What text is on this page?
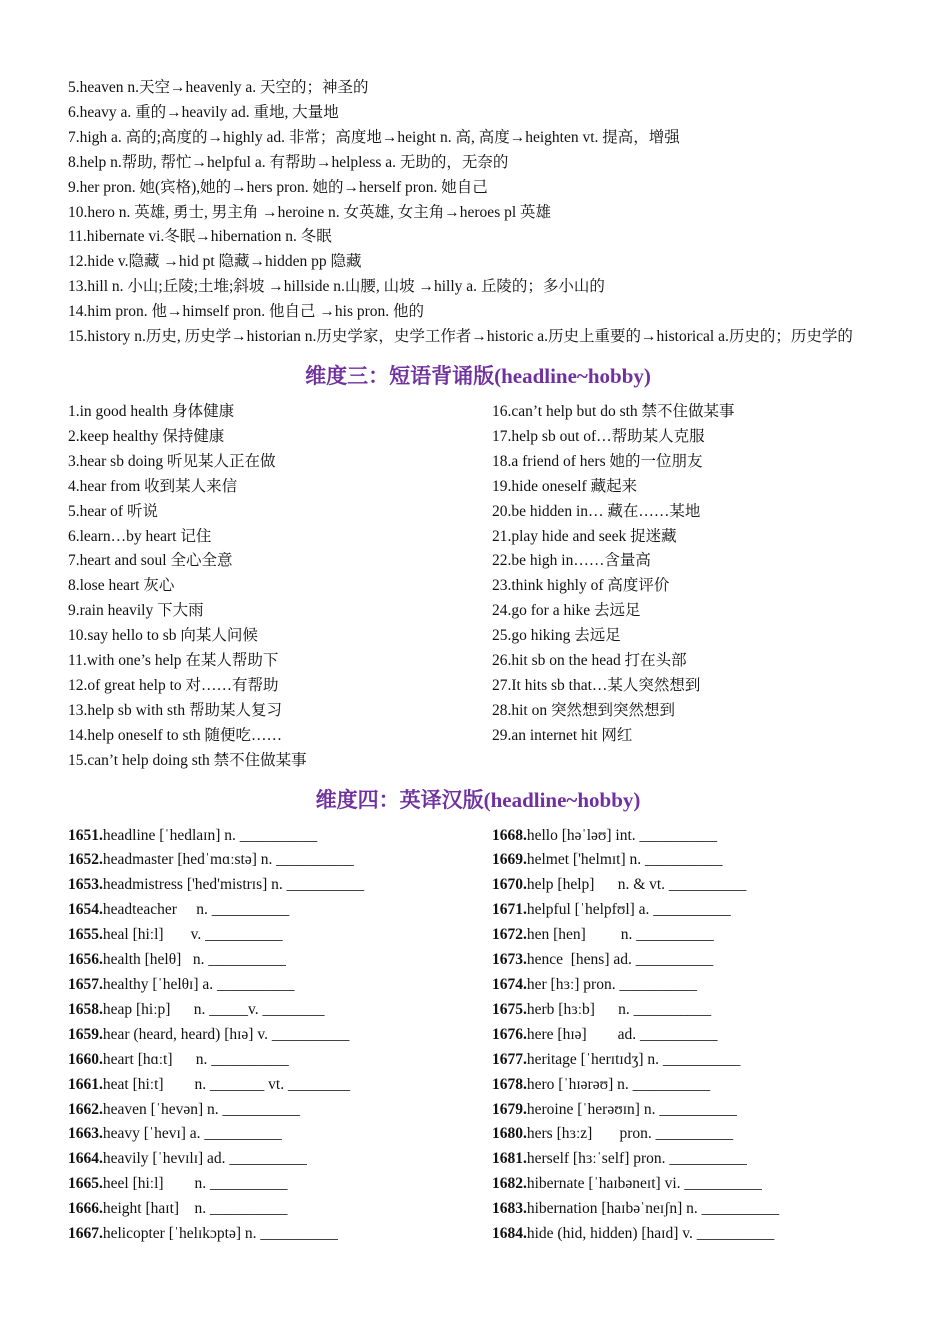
5.heaven n.天空→heavenly a. 天空的；神圣的
6.heavy a. 重的→heavily ad. 重地, 大量地
7.high a. 高的;高度的→highly ad. 非常；高度地→height n. 高, 高度→heighten vt. 提高，增强
8.help n.帮助, 帮忙→helpful a. 有帮助→helpless a. 无助的，无奈的
9.her pron. 她(宾格),她的→hers pron. 她的→herself pron. 她自己
10.hero n. 英雄, 勇士, 男主角 →heroine n. 女英雄, 女主角→heroes pl 英雄
11.hibernate vi.冬眠→hibernation n. 冬眠
12.hide v.隐藏 →hid pt 隐藏→hidden pp 隐藏
13.hill n. 小山;丘陵;土堆;斜坡 →hillside n.山腰, 山坡 →hilly a. 丘陵的；多小山的
14.him pron. 他→himself pron. 他自己 →his pron. 他的
15.history n.历史, 历史学→historian n.历史学家，史学工作者→historic a.历史上重要的→historical a.历史的；历史学的
维度三：短语背诵版(headline~hobby)
1.in good health 身体健康
2.keep healthy 保持健康
3.hear sb doing 听见某人正在做
4.hear from 收到某人来信
5.hear of 听说
6.learn…by heart 记住
7.heart and soul 全心全意
8.lose heart 灰心
9.rain heavily 下大雨
10.say hello to sb 向某人问候
11.with one’s help 在某人帮助下
12.of great help to 对……有帮助
13.help sb with sth 帮助某人复习
14.help oneself to sth 随便吃……
15.can’t help doing sth 禁不住做某事
16.can’t help but do sth 禁不住做某事
17.help sb out of…帮助某人克服
18.a friend of hers 她的一位朋友
19.hide oneself 藏起来
20.be hidden in… 藏在……某地
21.play hide and seek 捉迷藏
22.be high in……含量高
23.think highly of 高度评价
24.go for a hike 去远足
25.go hiking 去远足
26.hit sb on the head 打在头部
27.It hits sb that…某人突然想到
28.hit on 突然想到突然想到
29.an internet hit 网红
维度四：英译汉版(headline~hobby)
1651.headline [ˈhedlaɪn] n. __________
1652.headmaster [hedˈmɑːstə] n. __________
1653.headmistress ['hed'mistrɪs] n. __________
1654.headteacher     n. __________
1655.heal [hiːl]       v. __________
1656.health [helθ]   n. __________
1657.healthy [ˈhelθɪ] a. __________
1658.heap [hiːp]      n. _____v. ________
1659.hear (heard, heard) [hɪə] v. __________
1660.heart [hɑːt]      n. __________
1661.heat [hiːt]        n. _______ vt. ________
1662.heaven [ˈhevən] n. __________
1663.heavy [ˈhevɪ] a. __________
1664.heavily [ˈhevɪlɪ] ad. __________
1665.heel [hiːl]        n. __________
1666.height [haɪt]    n. __________
1667.helicopter [ˈhelɪkɔptə] n. __________
1668.hello [həˈləʊ] int. __________
1669.helmet ['helmɪt] n. __________
1670.help [help]      n. & vt. __________
1671.helpful [ˈhelpfʊl] a. __________
1672.hen [hen]         n. __________
1673.hence  [hens] ad. __________
1674.her [hɜː] pron. __________
1675.herb [hɜːb]      n. __________
1676.here [hɪə]        ad. __________
1677.heritage [ˈherɪtɪdʒ] n. __________
1678.hero [ˈhɪərəʊ] n. __________
1679.heroine [ˈherəʊɪn] n. __________
1680.hers [hɜːz]       pron. __________
1681.herself [hɜːˈself] pron. __________
1682.hibernate [ˈhaɪbəneɪt] vi. __________
1683.hibernation [haɪbəˈneɪʃn] n. __________
1684.hide (hid, hidden) [haɪd] v. __________
